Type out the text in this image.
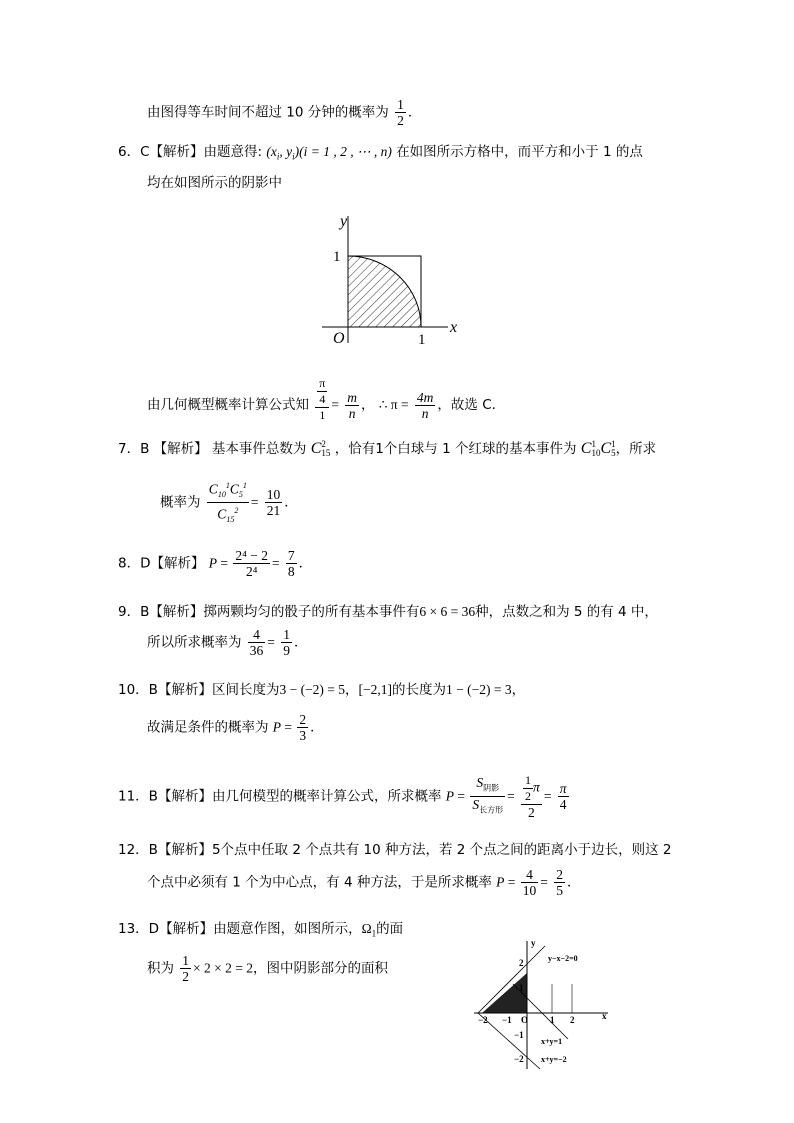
由图得等车时间不超过 10 分钟的概率为 $\frac{1}{2}$ ．
6．C【解析】由题意得: ($x_i$, $y_i)(i = 1$ , 2 , ⋯ , n) 在如图所示方格中，而平方和小于 1 的点
均在如图所示的阴影中
y
x
O	1
1
由几何概型概率计算公式知 $\frac{\frac{\pi}{4}}{1} = \frac{m}{n}$ ， ∴ $\pi = \frac{4m}{n}$ ，故选 C．
7．B 【解析】 基本事件总数为 C 2
15 ，恰有1个白球与 1 个红球的基本事件为 C 1
10 C 1
5 ，所求
概率为 $\frac{C_{10}^1C_5^1}{C_{15}^2} = \frac{10}{21}$ ．
8．D【解析】 $P = \frac{\text{2⁴ − 2}}{\text{2⁴}} = \frac{7}{8}$ ．
9．B【解析】掷两颗均匀的骰子的所有基本事件有6 × 6 = 36种，点数之和为 5 的有 4 中，
所以所求概率为 $\frac{4}{36} = \frac{1}{9}$ ．
10．B【解析】区间长度为3 − (−2) = 5，[−2,1]的长度为1 − (−2) = 3，
故满足条件的概率为 $P = \frac{2}{3}$ ．
11．B【解析】由几何模型的概率计算公式，所求概率 $P = \frac{S_{阴影}}{S_{长方形}} = \frac{\frac{1}{2} \pi}{2} = \frac{\pi}{4}$
12．B【解析】5个点中任取 2 个点共有 10 种方法，若 2 个点之间的距离小于边长，则这 2
个点中必须有 1 个为中心点，有 4 种方法，于是所求概率 $P = \frac{4}{10} = \frac{2}{5}$ ．
13．D【解析】由题意作图，如图所示，$\Omega_1$的面
积为 $\frac{1}{2} \times 2 \times 2 = 2$，图中阴影部分的面积
y
x
O
y−x−2=0
x+y=1
x+y=−2
2
1
−1
−2
−2 −1	1 2
